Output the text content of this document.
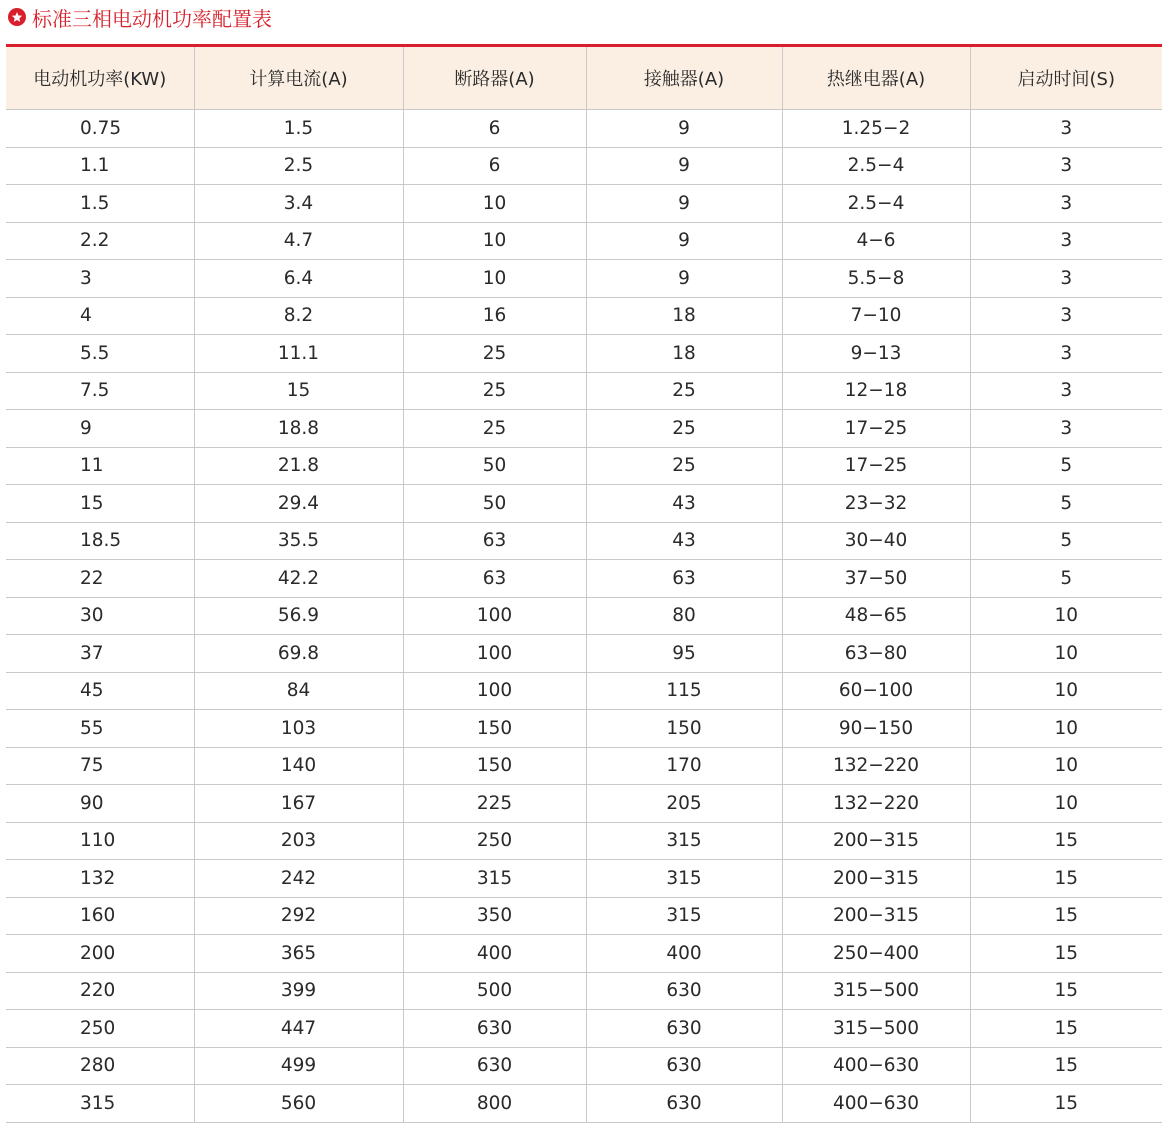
标准三相电动机功率配置表
电动机功率(KW)	计算电流(A)	断路器(A)	接触器(A)	热继电器(A)	启动时间(S)
0.75	1.5	6	9	1.25−2	3
1.1	2.5	6	9	2.5−4	3
1.5	3.4	10	9	2.5−4	3
2.2	4.7	10	9	4−6	3
3	6.4	10	9	5.5−8	3
4	8.2	16	18	7−10	3
5.5	11.1	25	18	9−13	3
7.5	15	25	25	12−18	3
9	18.8	25	25	17−25	3
11	21.8	50	25	17−25	5
15	29.4	50	43	23−32	5
18.5	35.5	63	43	30−40	5
22	42.2	63	63	37−50	5
30	56.9	100	80	48−65	10
37	69.8	100	95	63−80	10
45	84	100	115	60−100	10
55	103	150	150	90−150	10
75	140	150	170	132−220	10
90	167	225	205	132−220	10
110	203	250	315	200−315	15
132	242	315	315	200−315	15
160	292	350	315	200−315	15
200	365	400	400	250−400	15
220	399	500	630	315−500	15
250	447	630	630	315−500	15
280	499	630	630	400−630	15
315	560	800	630	400−630	15
